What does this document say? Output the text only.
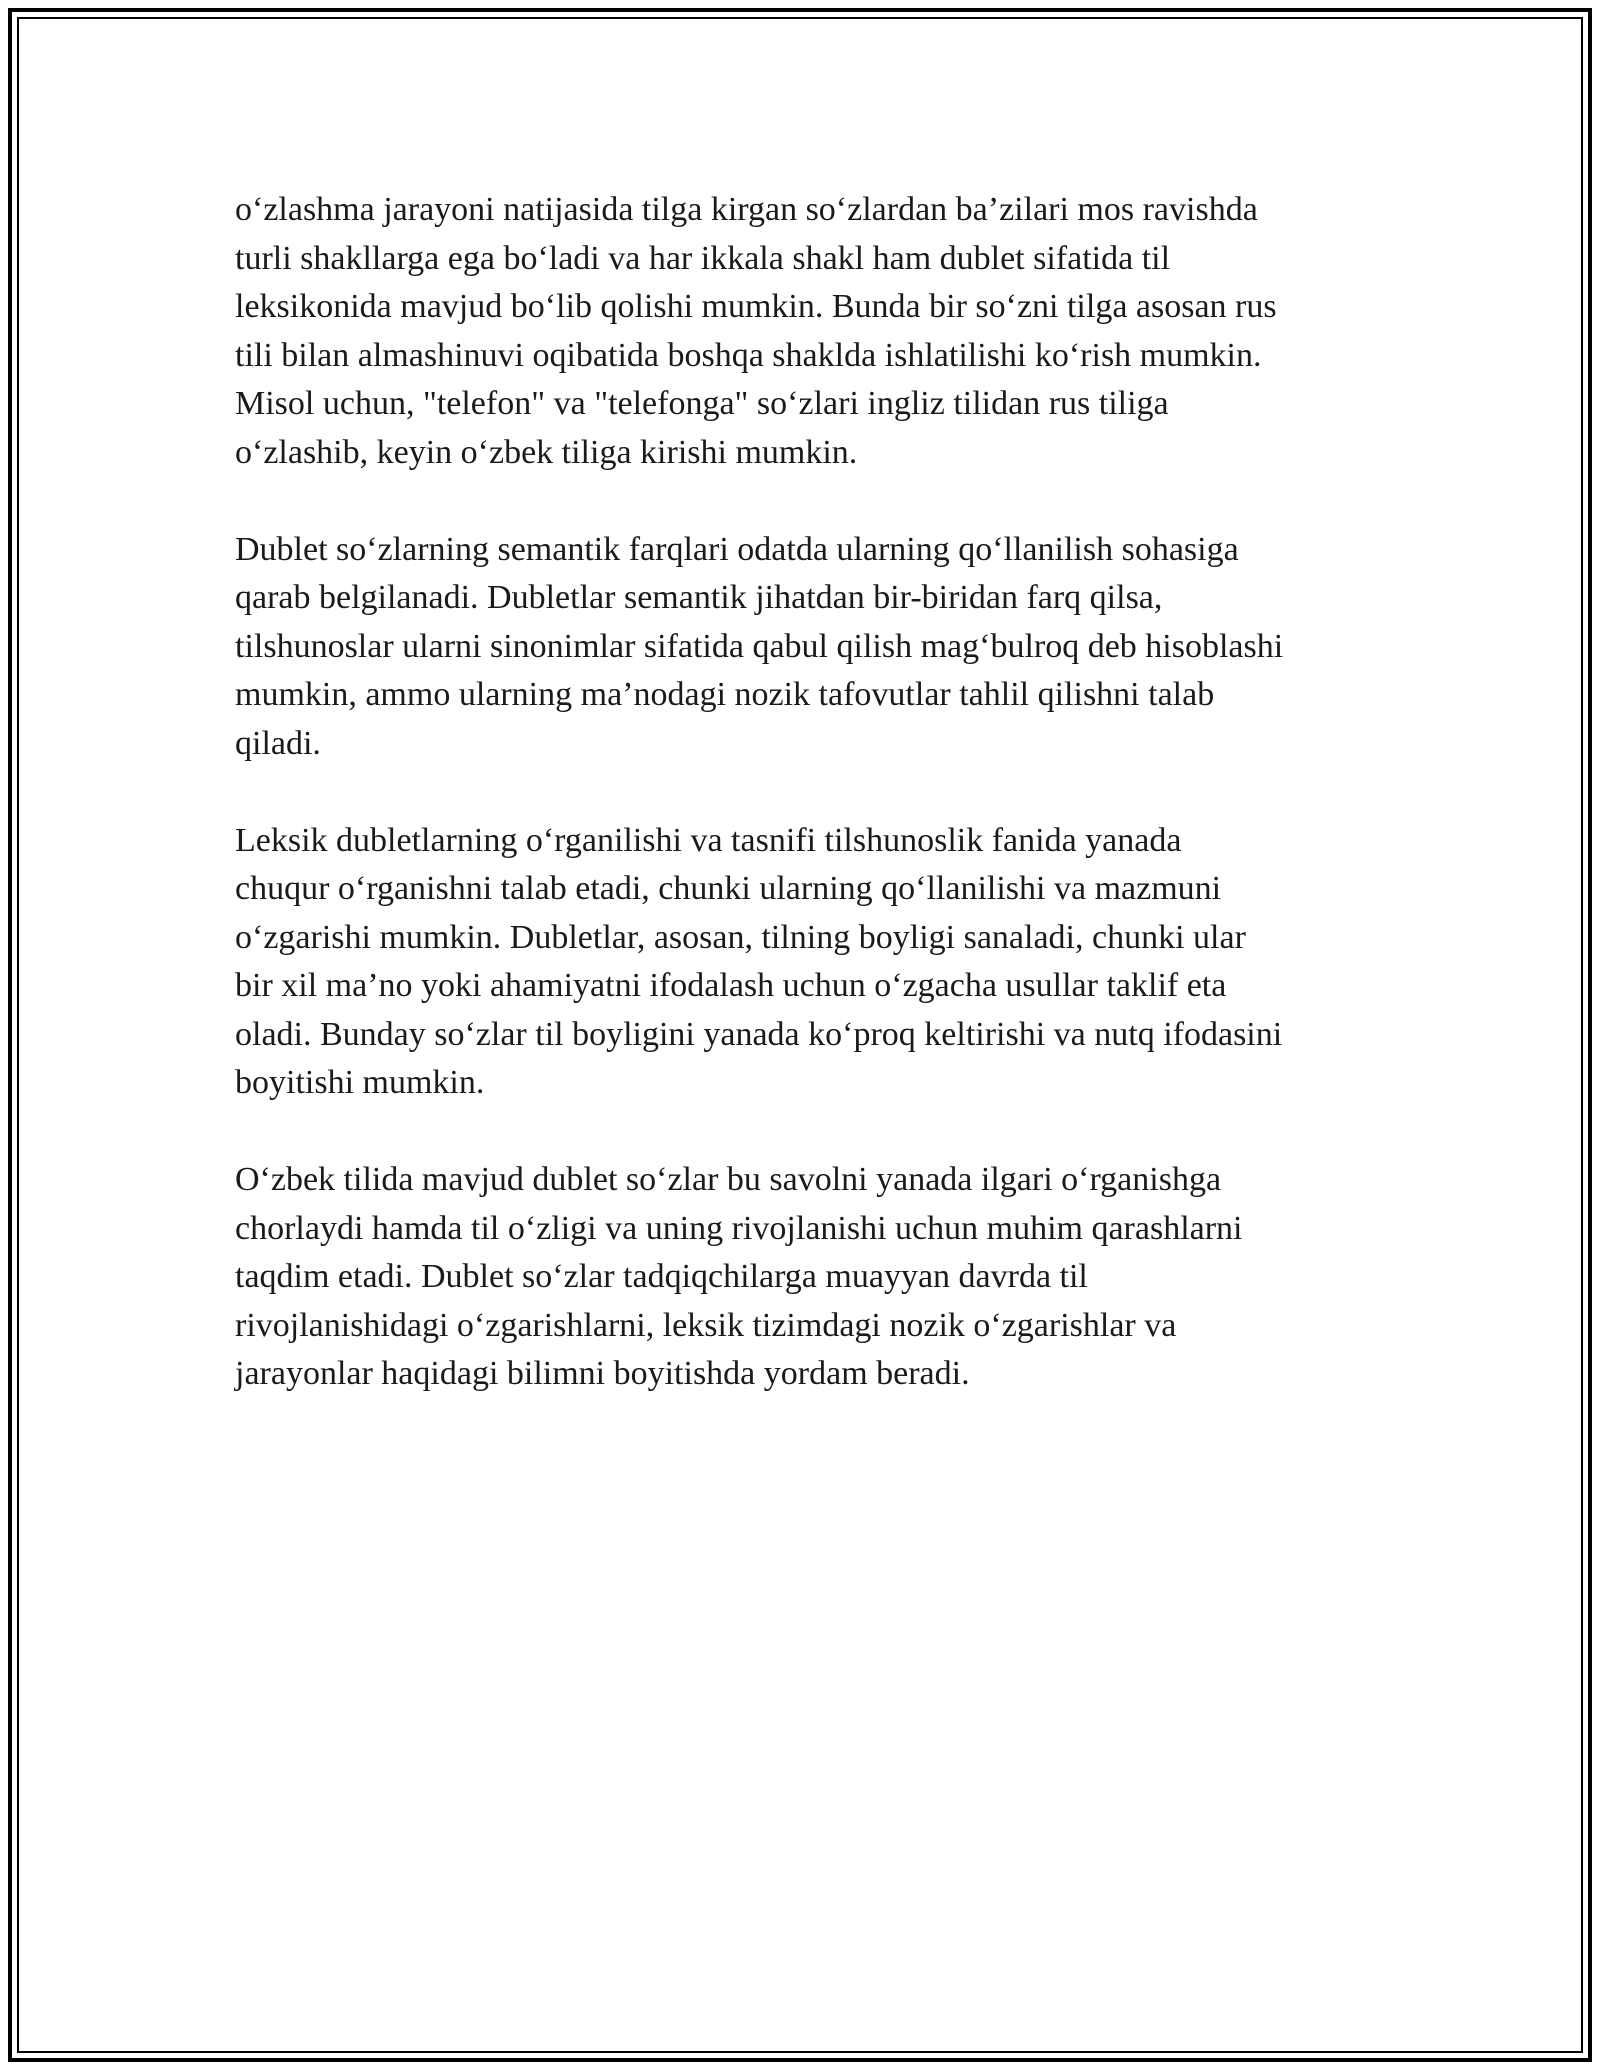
o‘zlashma jarayoni natijasida tilga kirgan so‘zlardan ba’zilari mos ravishda
turli shakllarga ega bo‘ladi va har ikkala shakl ham dublet sifatida til
leksikonida mavjud bo‘lib qolishi mumkin. Bunda bir so‘zni tilga asosan rus
tili bilan almashinuvi oqibatida boshqa shaklda ishlatilishi ko‘rish mumkin.
Misol uchun, "telefon" va "telefonga" so‘zlari ingliz tilidan rus tiliga
o‘zlashib, keyin o‘zbek tiliga kirishi mumkin.

Dublet so‘zlarning semantik farqlari odatda ularning qo‘llanilish sohasiga
qarab belgilanadi. Dubletlar semantik jihatdan bir-biridan farq qilsa,
tilshunoslar ularni sinonimlar sifatida qabul qilish mag‘bulroq deb hisoblashi
mumkin, ammo ularning ma’nodagi nozik tafovutlar tahlil qilishni talab
qiladi.

Leksik dubletlarning o‘rganilishi va tasnifi tilshunoslik fanida yanada
chuqur o‘rganishni talab etadi, chunki ularning qo‘llanilishi va mazmuni
o‘zgarishi mumkin. Dubletlar, asosan, tilning boyligi sanaladi, chunki ular
bir xil ma’no yoki ahamiyatni ifodalash uchun o‘zgacha usullar taklif eta
oladi. Bunday so‘zlar til boyligini yanada ko‘proq keltirishi va nutq ifodasini
boyitishi mumkin.

O‘zbek tilida mavjud dublet so‘zlar bu savolni yanada ilgari o‘rganishga
chorlaydi hamda til o‘zligi va uning rivojlanishi uchun muhim qarashlarni
taqdim etadi. Dublet so‘zlar tadqiqchilarga muayyan davrda til
rivojlanishidagi o‘zgarishlarni, leksik tizimdagi nozik o‘zgarishlar va
jarayonlar haqidagi bilimni boyitishda yordam beradi.
